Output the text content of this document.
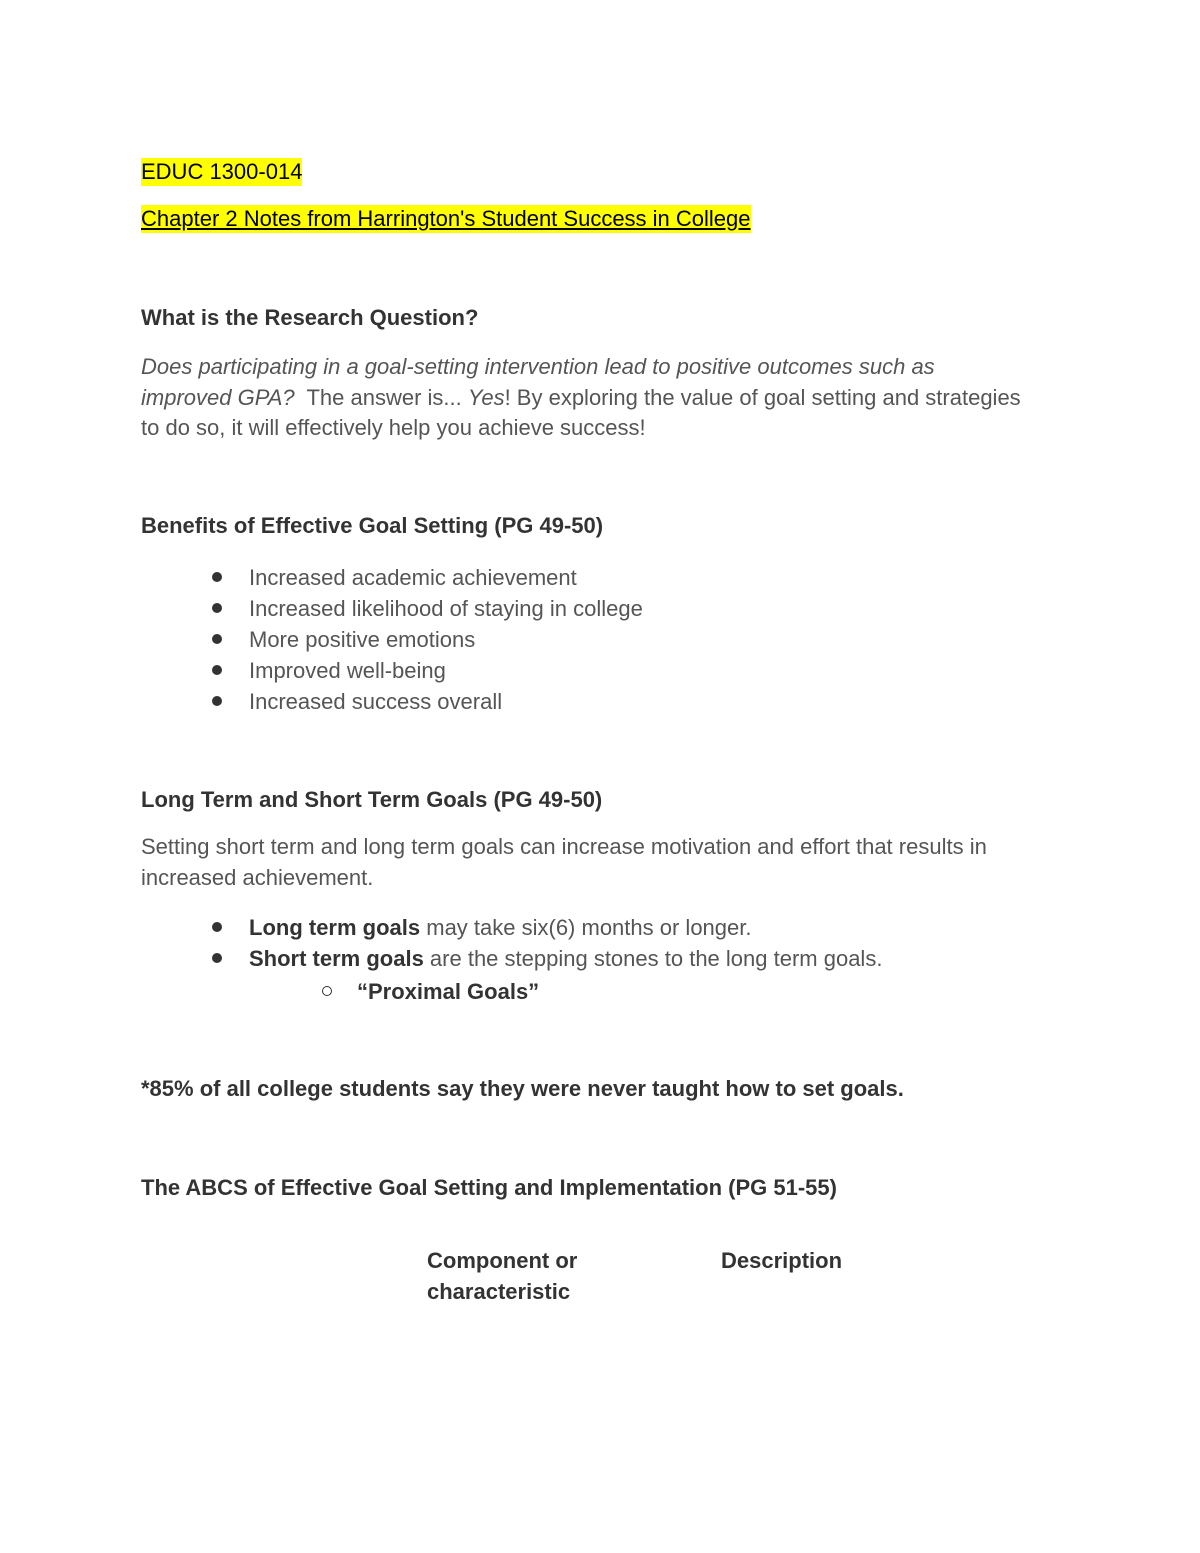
EDUC 1300-014
Chapter 2 Notes from Harrington's Student Success in College
What is the Research Question?
Does participating in a goal-setting intervention lead to positive outcomes such as improved GPA?  The answer is... Yes! By exploring the value of goal setting and strategies to do so, it will effectively help you achieve success!
Benefits of Effective Goal Setting (PG 49-50)
Increased academic achievement
Increased likelihood of staying in college
More positive emotions
Improved well-being
Increased success overall
Long Term and Short Term Goals (PG 49-50)
Setting short term and long term goals can increase motivation and effort that results in increased achievement.
Long term goals may take six(6) months or longer.
Short term goals are the stepping stones to the long term goals.
“Proximal Goals”
*85% of all college students say they were never taught how to set goals.
The ABCS of Effective Goal Setting and Implementation (PG 51-55)
Component or
characteristic
Description
